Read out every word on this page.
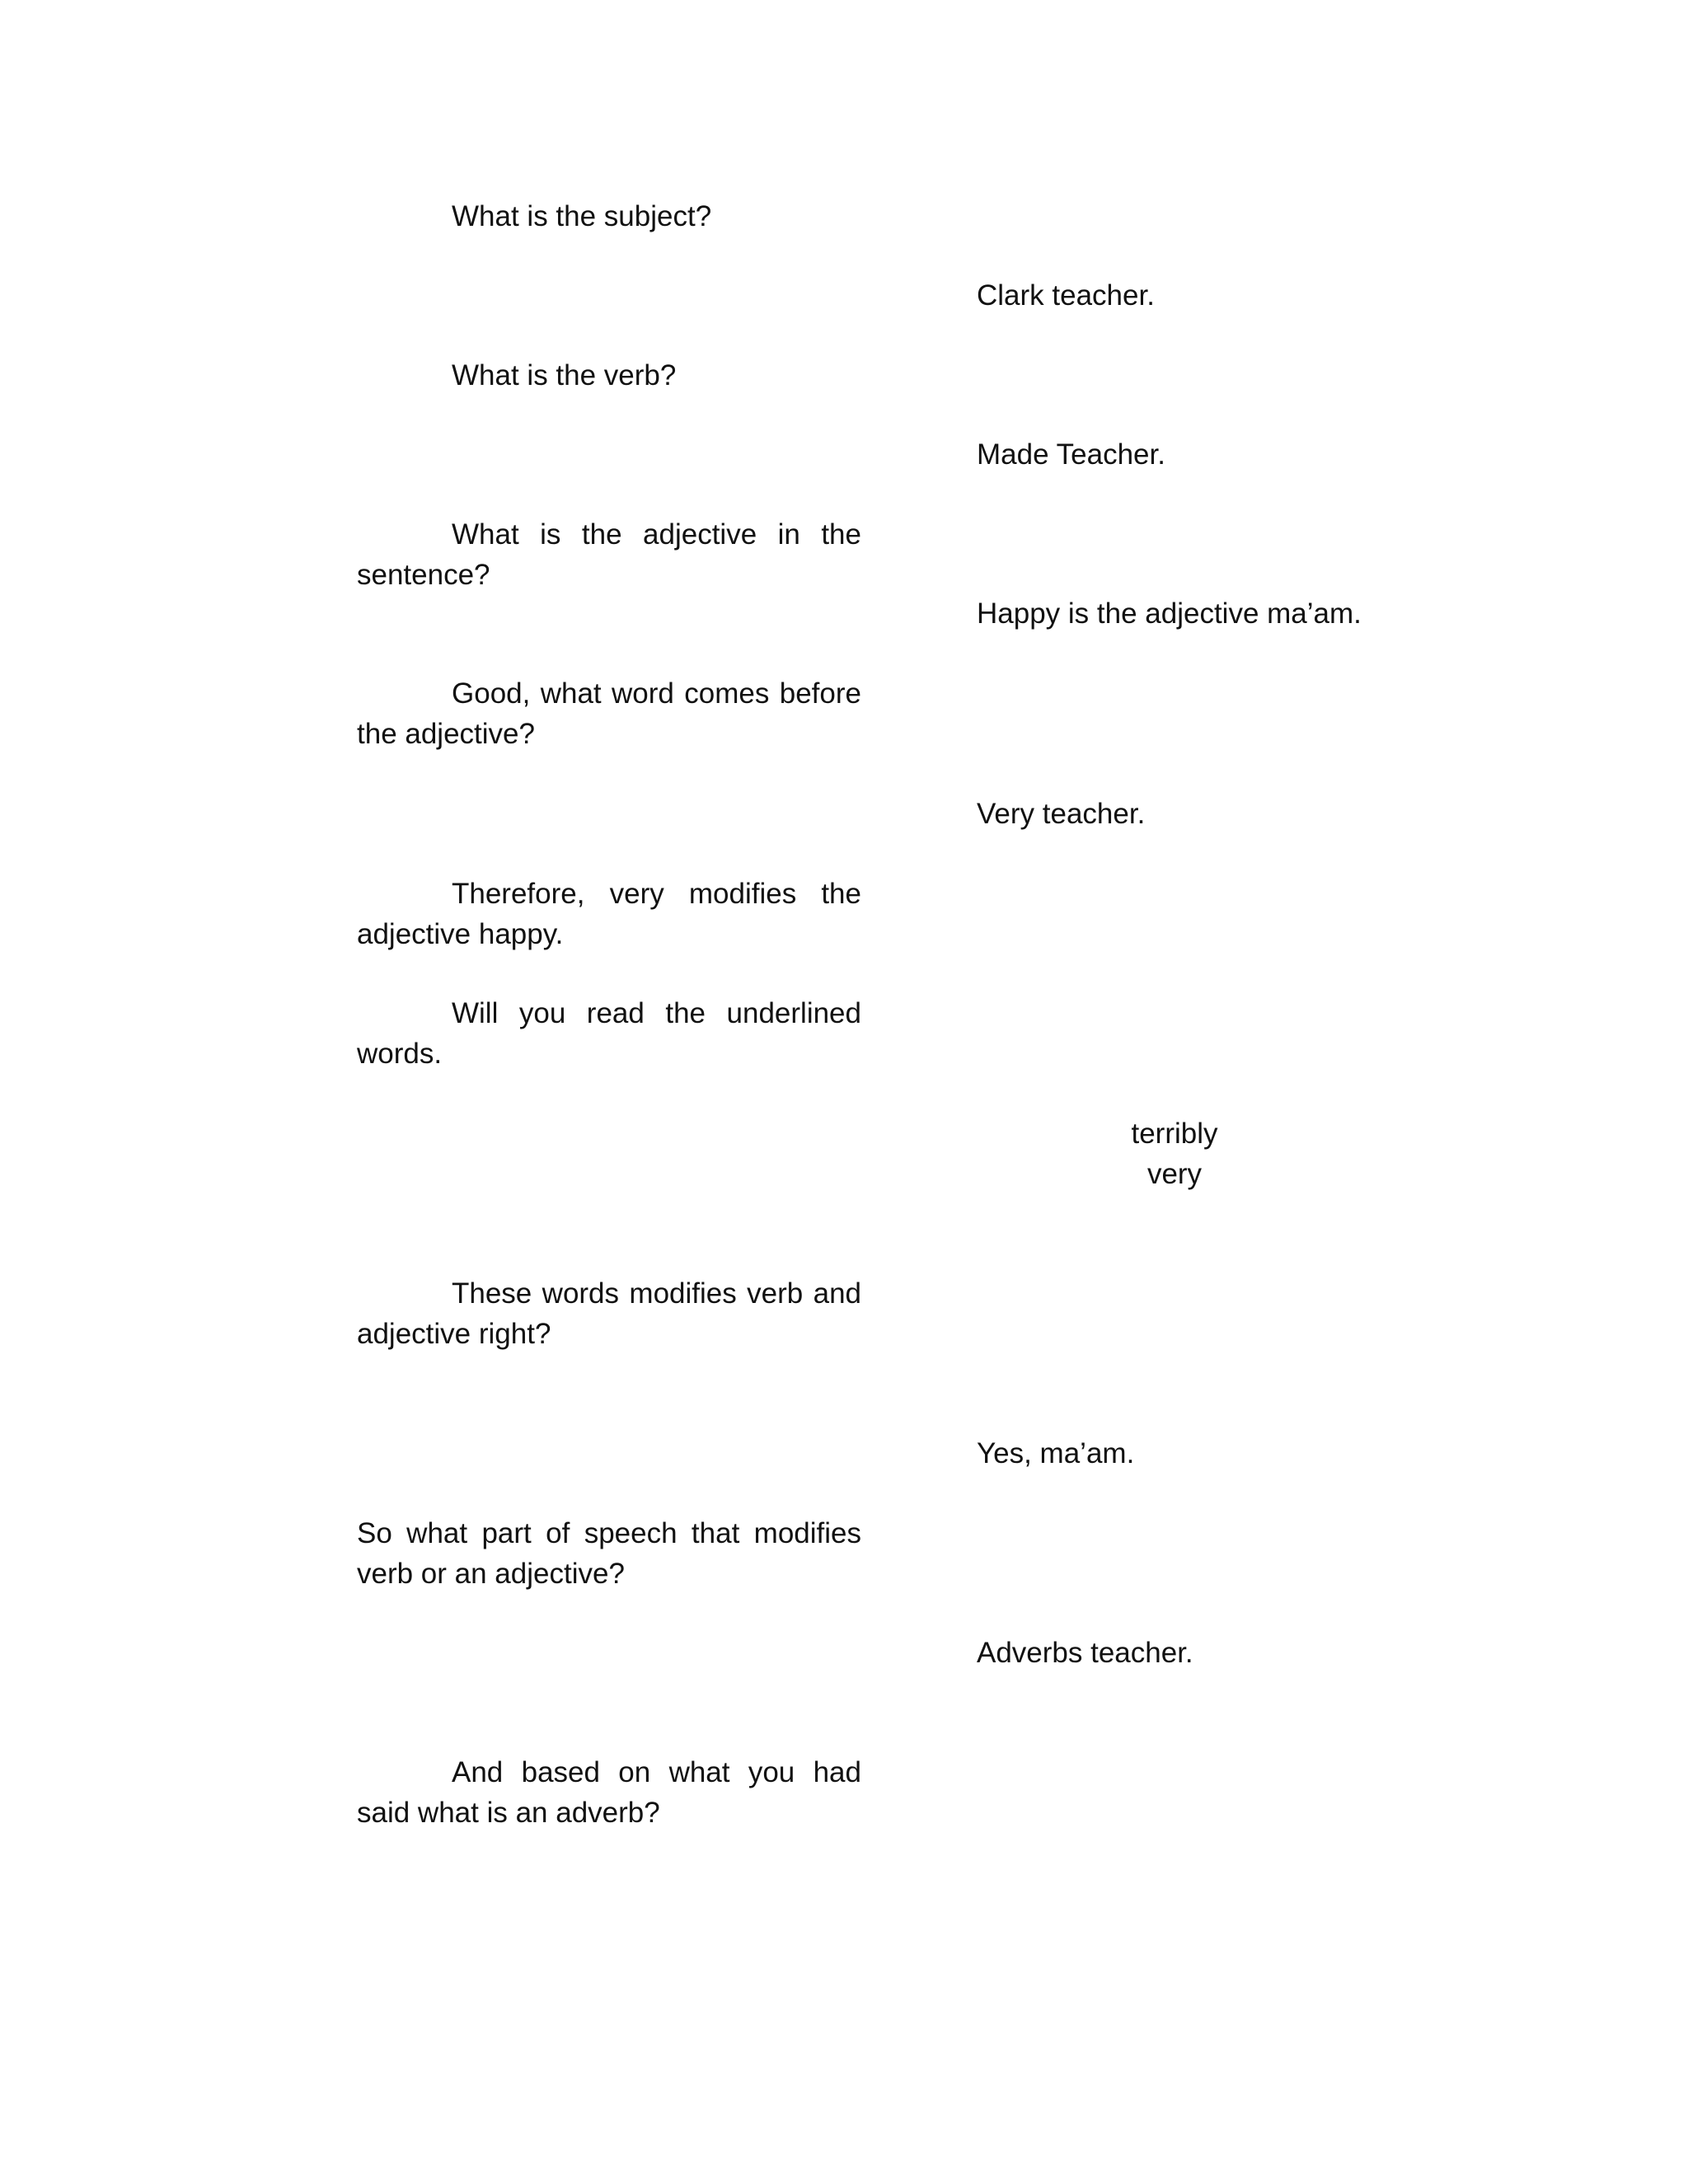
What is the subject?
What is the verb?
What is the adjective in the sentence?
Good, what word comes before the adjective?
Therefore, very modifies the adjective happy.
Will you read the underlined words.
These words modifies verb and adjective right?
So what part of speech that modifies verb or an adjective?
And based on what you had said what is an adverb?
Clark teacher.
Made Teacher.
Happy is the adjective ma’am.
Very teacher.
terribly
very
Yes, ma’am.
Adverbs teacher.
